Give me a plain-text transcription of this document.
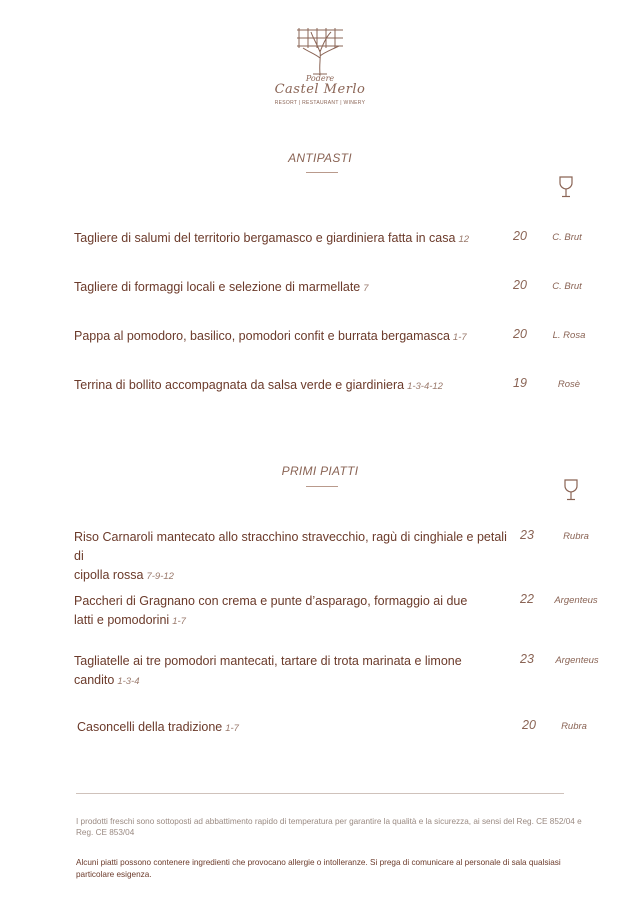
Podere
Castel Merlo
RESORT | RESTAURANT | WINERY
ANTIPASTI
Tagliere di salumi del territorio bergamasco e giardiniera fatta in casa 12	20	C. Brut
Tagliere di formaggi locali e selezione di marmellate 7	20	C. Brut
Pappa al pomodoro, basilico, pomodori confit e burrata bergamasca 1-7	20	L. Rosa
Terrina di bollito accompagnata da salsa verde e giardiniera 1-3-4-12	19	Rosè
PRIMI PIATTI
Riso Carnaroli mantecato allo stracchino stravecchio, ragù di cinghiale e petali di
cipolla rossa 7-9-12
23	Rubra
Paccheri di Gragnano con crema e punte d’asparago, formaggio ai due
latti e pomodorini 1-7
22	Argenteus
Tagliatelle ai tre pomodori mantecati, tartare di trota marinata e limone
candito 1-3-4
23	Argenteus
Casoncelli della tradizione 1-7	20	Rubra
I prodotti freschi sono sottoposti ad abbattimento rapido di temperatura per garantire la qualità e la sicurezza, ai sensi del Reg. CE 852/04 e Reg. CE 853/04
Alcuni piatti possono contenere ingredienti che provocano allergie o intolleranze. Si prega di comunicare al personale di sala qualsiasi particolare esigenza.
